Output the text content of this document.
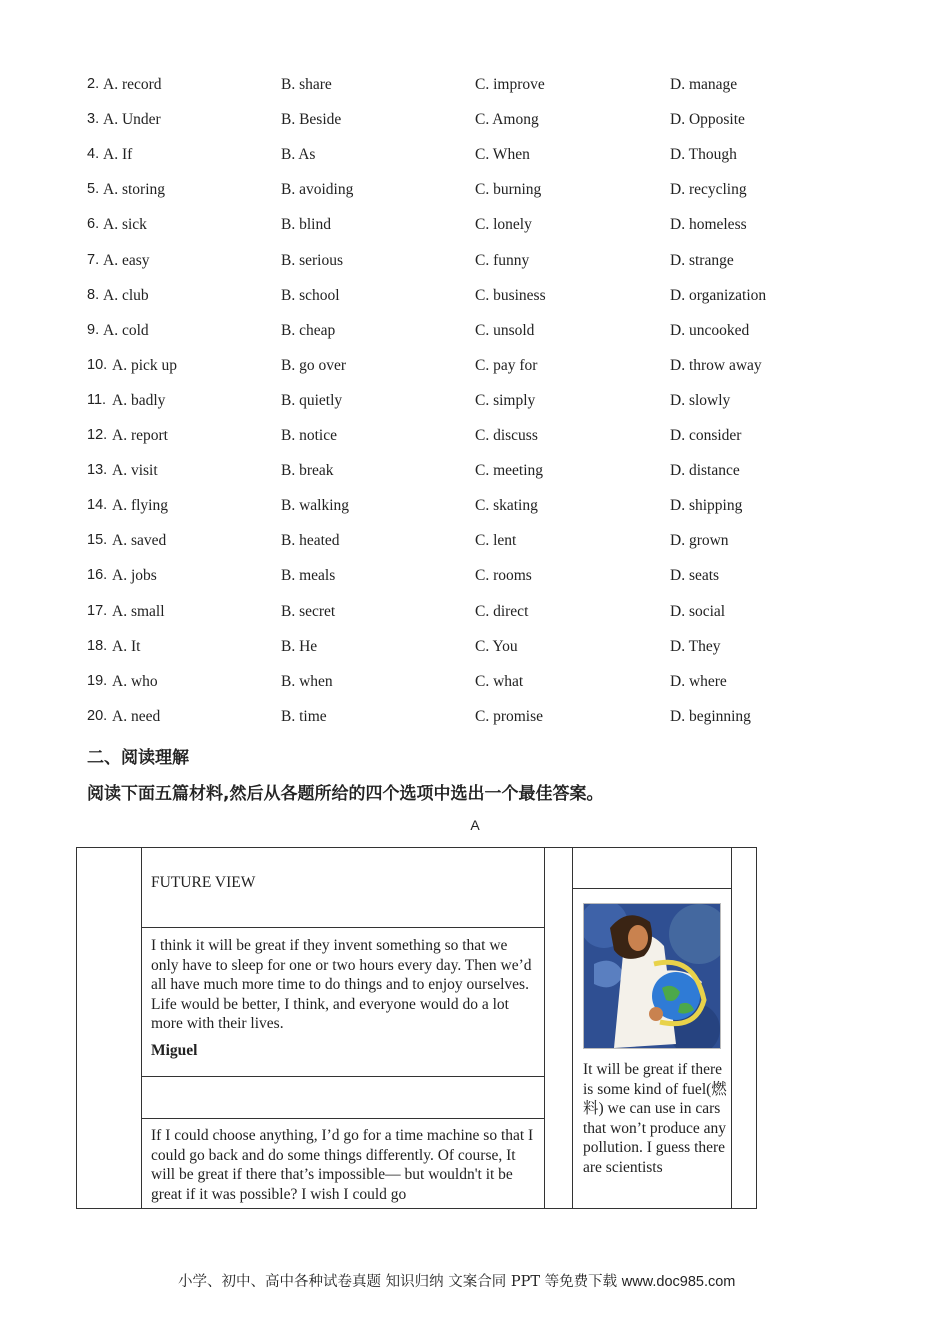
2. A. record	B. share	C. improve	D. manage
3. A. Under	B. Beside	C. Among	D. Opposite
4. A. If	B. As	C. When	D. Though
5. A. storing	B. avoiding	C. burning	D. recycling
6. A. sick	B. blind	C. lonely	D. homeless
7. A. easy	B. serious	C. funny	D. strange
8. A. club	B. school	C. business	D. organization
9. A. cold	B. cheap	C. unsold	D. uncooked
10. A. pick up	B. go over	C. pay for	D. throw away
11. A. badly	B. quietly	C. simply	D. slowly
12. A. report	B. notice	C. discuss	D. consider
13. A. visit	B. break	C. meeting	D. distance
14. A. flying	B. walking	C. skating	D. shipping
15. A. saved	B. heated	C. lent	D. grown
16. A. jobs	B. meals	C. rooms	D. seats
17. A. small	B. secret	C. direct	D. social
18. A. It	B. He	C. You	D. They
19. A. who	B. when	C. what	D. where
20. A. need	B. time	C. promise	D. beginning
二、阅读理解
阅读下面五篇材料,然后从各题所给的四个选项中选出一个最佳答案。
A
FUTURE VIEW
I think it will be great if they invent something so that we only have to sleep for one or two hours every day. Then we’d all have much more time to do things and to enjoy ourselves. Life would be better, I think, and everyone would do a lot more with their lives.
Miguel
If I could choose anything, I’d go for a time machine so that I could go back and do some things differently. Of course, It will be great if there that’s impossible— but wouldn't it be great if it was possible? I wish I could go
It will be great if there is some kind of fuel(燃料) we can use in cars that won’t produce any pollution. I guess there are scientists
小学、初中、高中各种试卷真题 知识归纳 文案合同 PPT 等免费下载 www.doc985.com
